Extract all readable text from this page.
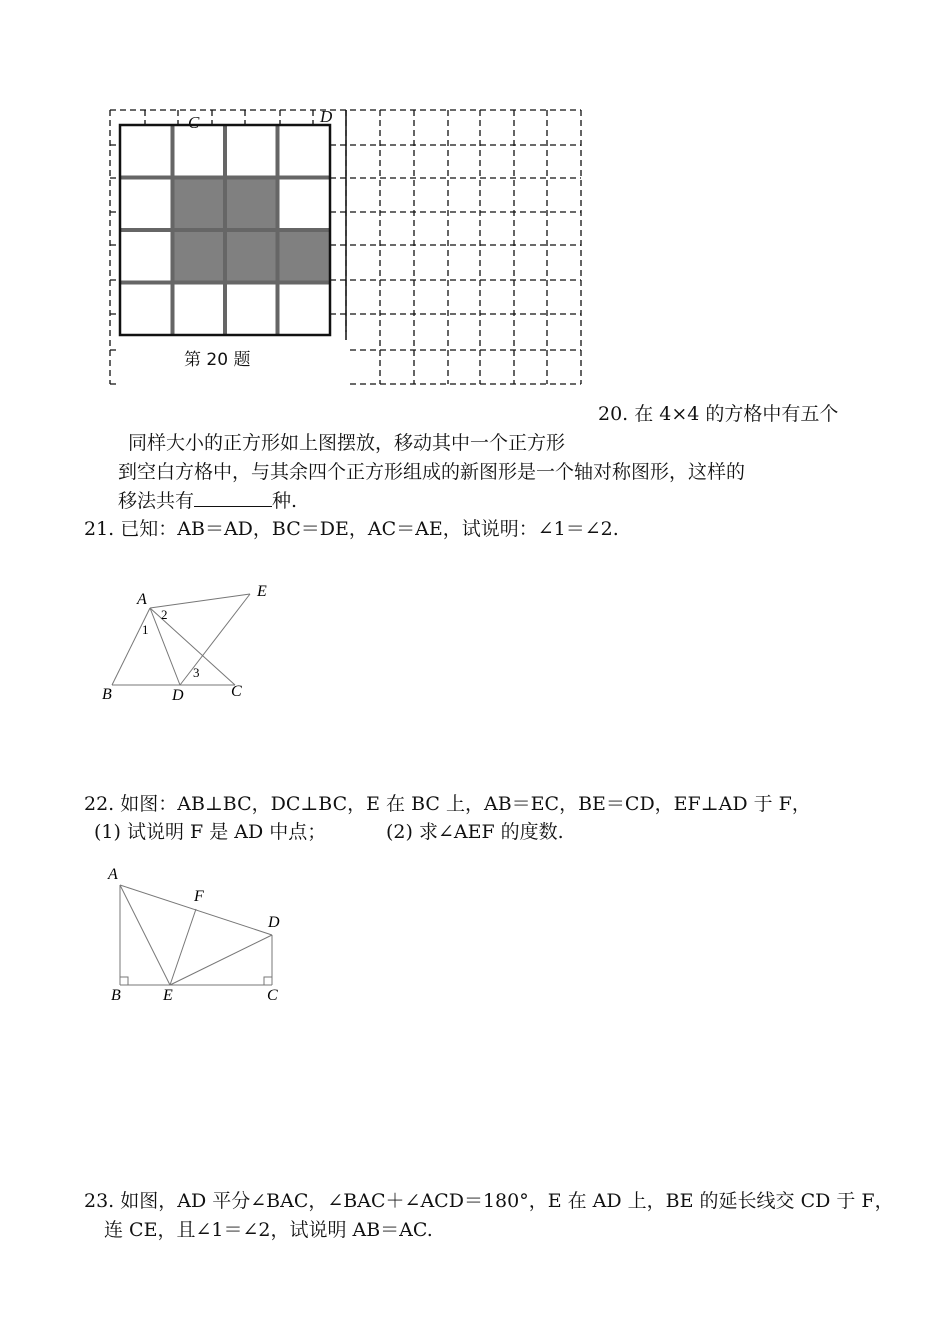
C	D
第 20 题
20. 在 4×4 的方格中有五个
同样大小的正方形如上图摆放，移动其中一个正方形
到空白方格中，与其余四个正方形组成的新图形是一个轴对称图形，这样的
移法共有	种.
21. 已知：AB＝AD，BC＝DE，AC＝AE，试说明：∠1＝∠2.
A	E
B	D	C
1
2
3
22. 如图：AB⊥BC，DC⊥BC，E 在 BC 上，AB＝EC，BE＝CD，EF⊥AD 于 F，
(1) 试说明 F 是 AD 中点；	(2) 求∠AEF 的度数.
A
F
D
B	E	C
23. 如图，AD 平分∠BAC，∠BAC＋∠ACD＝180°，E 在 AD 上，BE 的延长线交 CD 于 F，
连 CE，且∠1＝∠2，试说明 AB＝AC.
